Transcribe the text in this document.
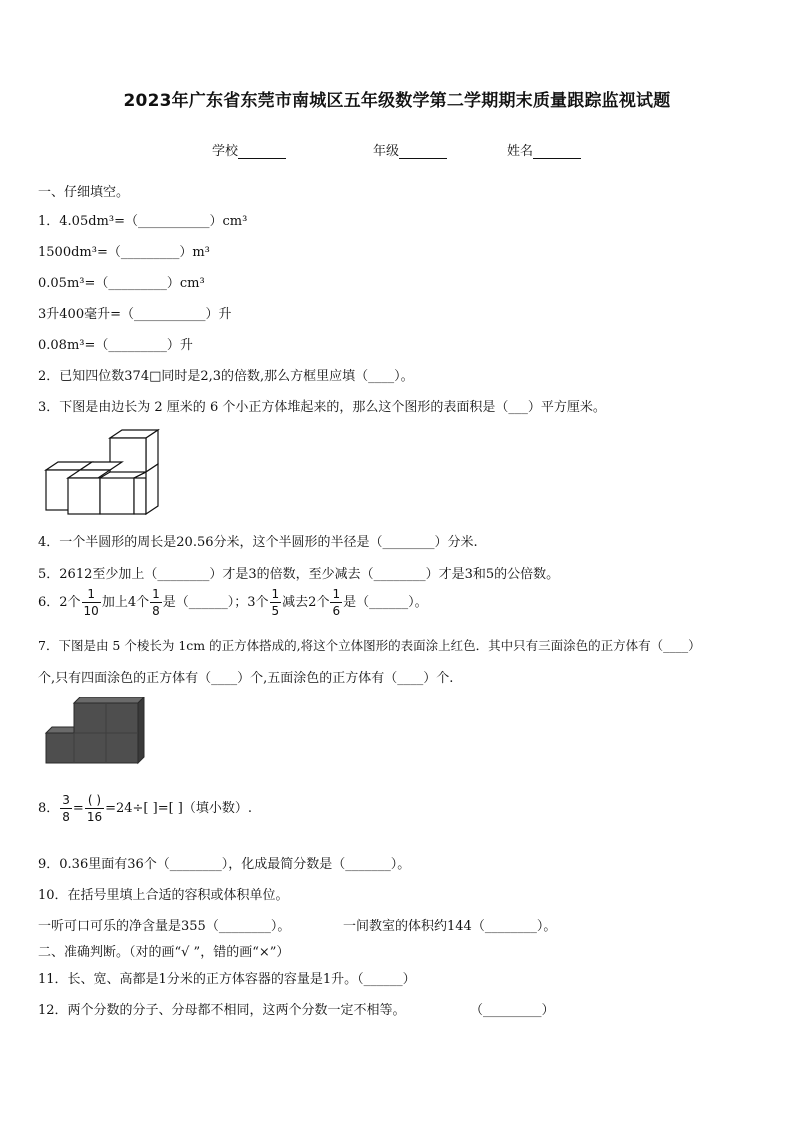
2023年广东省东莞市南城区五年级数学第二学期期末质量跟踪监视试题
学校	年级	姓名
一、仔细填空。
1．4.05dm³=（___________）cm³
1500dm³=（_________）m³
0.05m³=（_________）cm³
3升400毫升=（___________）升
0.08m³=（_________）升
2．已知四位数374□同时是2,3的倍数,那么方框里应填（____）。
3．下图是由边长为 2 厘米的 6 个小正方体堆起来的，那么这个图形的表面积是（___）平方厘米。
4．一个半圆形的周长是20.56分米，这个半圆形的半径是（________）分米.
5．2612至少加上（________）才是3的倍数，至少减去（________）才是3和5的公倍数。
6．2个 $\frac{1}{10}$ 加上4个 $\frac{1}{8}$ 是（______）；3个 $\frac{1}{5}$ 减去2个 $\frac{1}{6}$ 是（______）。
7．下图是由 5 个棱长为 1cm 的正方体搭成的,将这个立体图形的表面涂上红色．其中只有三面涂色的正方体有（____）
个,只有四面涂色的正方体有（____）个,五面涂色的正方体有（____）个.
8． $\frac{3}{8} = \frac{( )}{16} =24\div$[ ]=[ ]（填小数）.
9．0.36里面有36个（________），化成最简分数是（_______）。
10．在括号里填上合适的容积或体积单位。
一听可口可乐的净含量是355（________）。	一间教室的体积约144（________）。
二、准确判断。（对的画“√ ”，错的画“×”）
11．长、宽、高都是1分米的正方体容器的容量是1升。（______）
12．两个分数的分子、分母都不相同，这两个分数一定不相等。	（_________）
